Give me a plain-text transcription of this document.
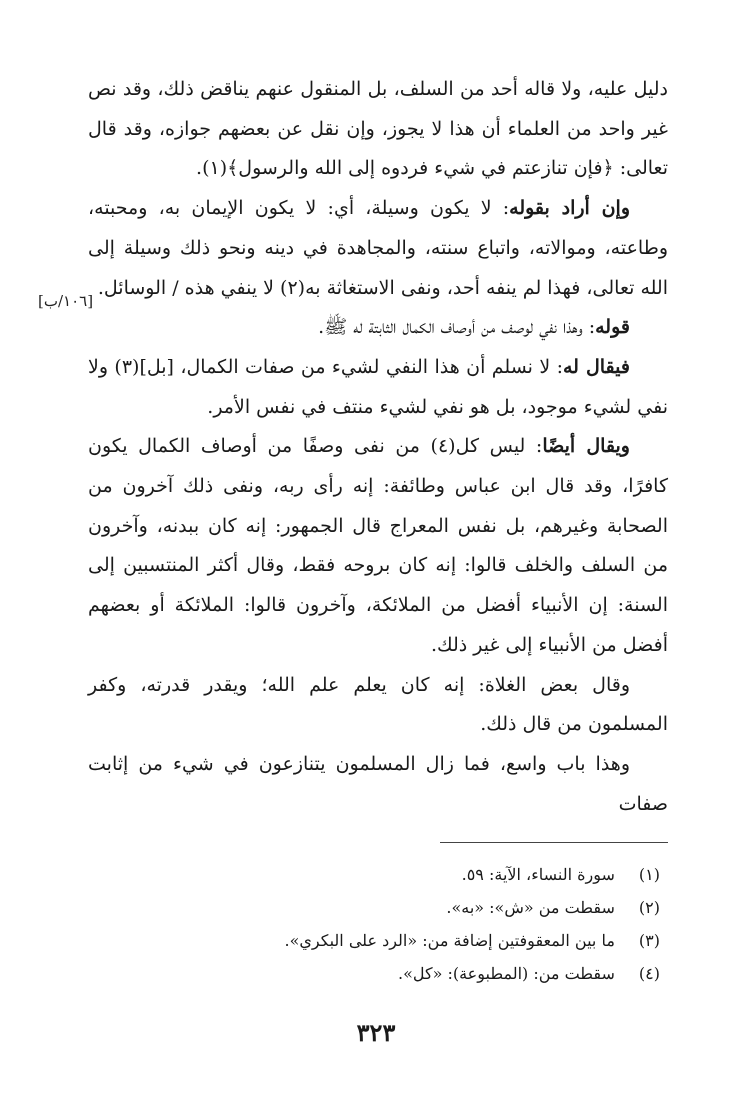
دليل عليه، ولا قاله أحد من السلف، بل المنقول عنهم يناقض ذلك، وقد نص غير واحد من العلماء أن هذا لا يجوز، وإن نقل عن بعضهم جوازه، وقد قال تعالى: ﴿فإن تنازعتم في شيء فردوه إلى الله والرسول﴾(١).

وإن أراد بقوله: لا يكون وسيلة، أي: لا يكون الإيمان به، ومحبته، وطاعته، وموالاته، واتباع سنته، والمجاهدة في دينه ونحو ذلك وسيلة إلى الله تعالى، فهذا لم ينفه أحد، ونفى الاستغاثة به(٢) لا ينفي هذه / الوسائل.

قوله: وهذا نفي لوصف من أوصاف الكمال الثابتة له ﷺ.

فيقال له: لا نسلم أن هذا النفي لشيء من صفات الكمال، [بل](٣) ولا نفي لشيء موجود، بل هو نفي لشيء منتف في نفس الأمر.

ويقال أيضًا: ليس كل(٤) من نفى وصفًا من أوصاف الكمال يكون كافرًا، وقد قال ابن عباس وطائفة: إنه رأى ربه، ونفى ذلك آخرون من الصحابة وغيرهم، بل نفس المعراج قال الجمهور: إنه كان ببدنه، وآخرون من السلف والخلف قالوا: إنه كان بروحه فقط، وقال أكثر المنتسبين إلى السنة: إن الأنبياء أفضل من الملائكة، وآخرون قالوا: الملائكة أو بعضهم أفضل من الأنبياء إلى غير ذلك.

وقال بعض الغلاة: إنه كان يعلم علم الله؛ ويقدر قدرته، وكفر المسلمون من قال ذلك.

وهذا باب واسع، فما زال المسلمون يتنازعون في شيء من إثابت صفات

[١٠٦/ب]

(١) سورة النساء، الآية: ٥٩.

(٢) سقطت من «ش»: «به».

(٣) ما بين المعقوفتين إضافة من: «الرد على البكري».

(٤) سقطت من: (المطبوعة): «كل».

٣٢٣
